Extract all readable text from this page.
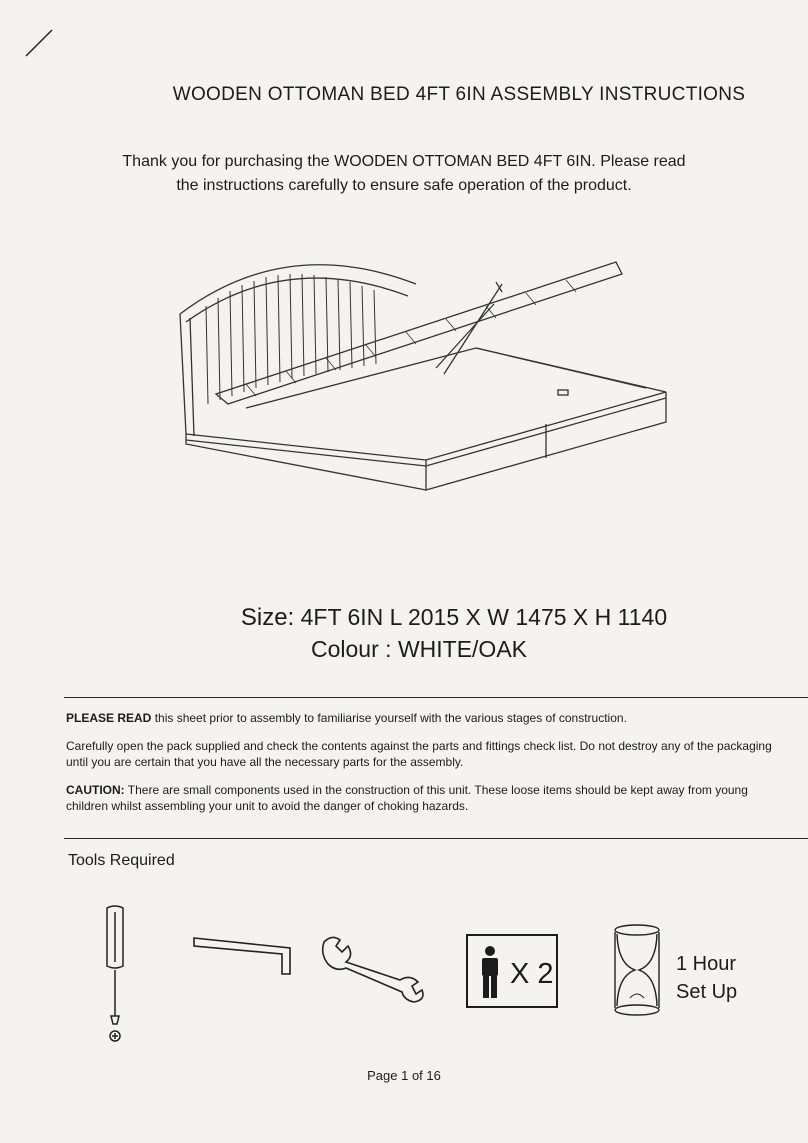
WOODEN OTTOMAN BED 4FT 6IN ASSEMBLY INSTRUCTIONS
Thank you for purchasing the WOODEN OTTOMAN BED 4FT 6IN. Please read
the instructions carefully to ensure safe operation of the product.
Size: 4FT 6IN L 2015 X W 1475 X H 1140
Colour : WHITE/OAK

PLEASE READ this sheet prior to assembly to familiarise yourself with the various stages of construction.

Carefully open the pack supplied and check the contents against the parts and fittings check list. Do not destroy any of the packaging until you are certain that you have all the necessary parts for the assembly.

CAUTION: There are small components used in the construction of this unit. These loose items should be kept away from young children whilst assembling your unit to avoid the danger of choking hazards.

Tools Required
X 2	1 Hour
Set Up
Page 1 of 16
